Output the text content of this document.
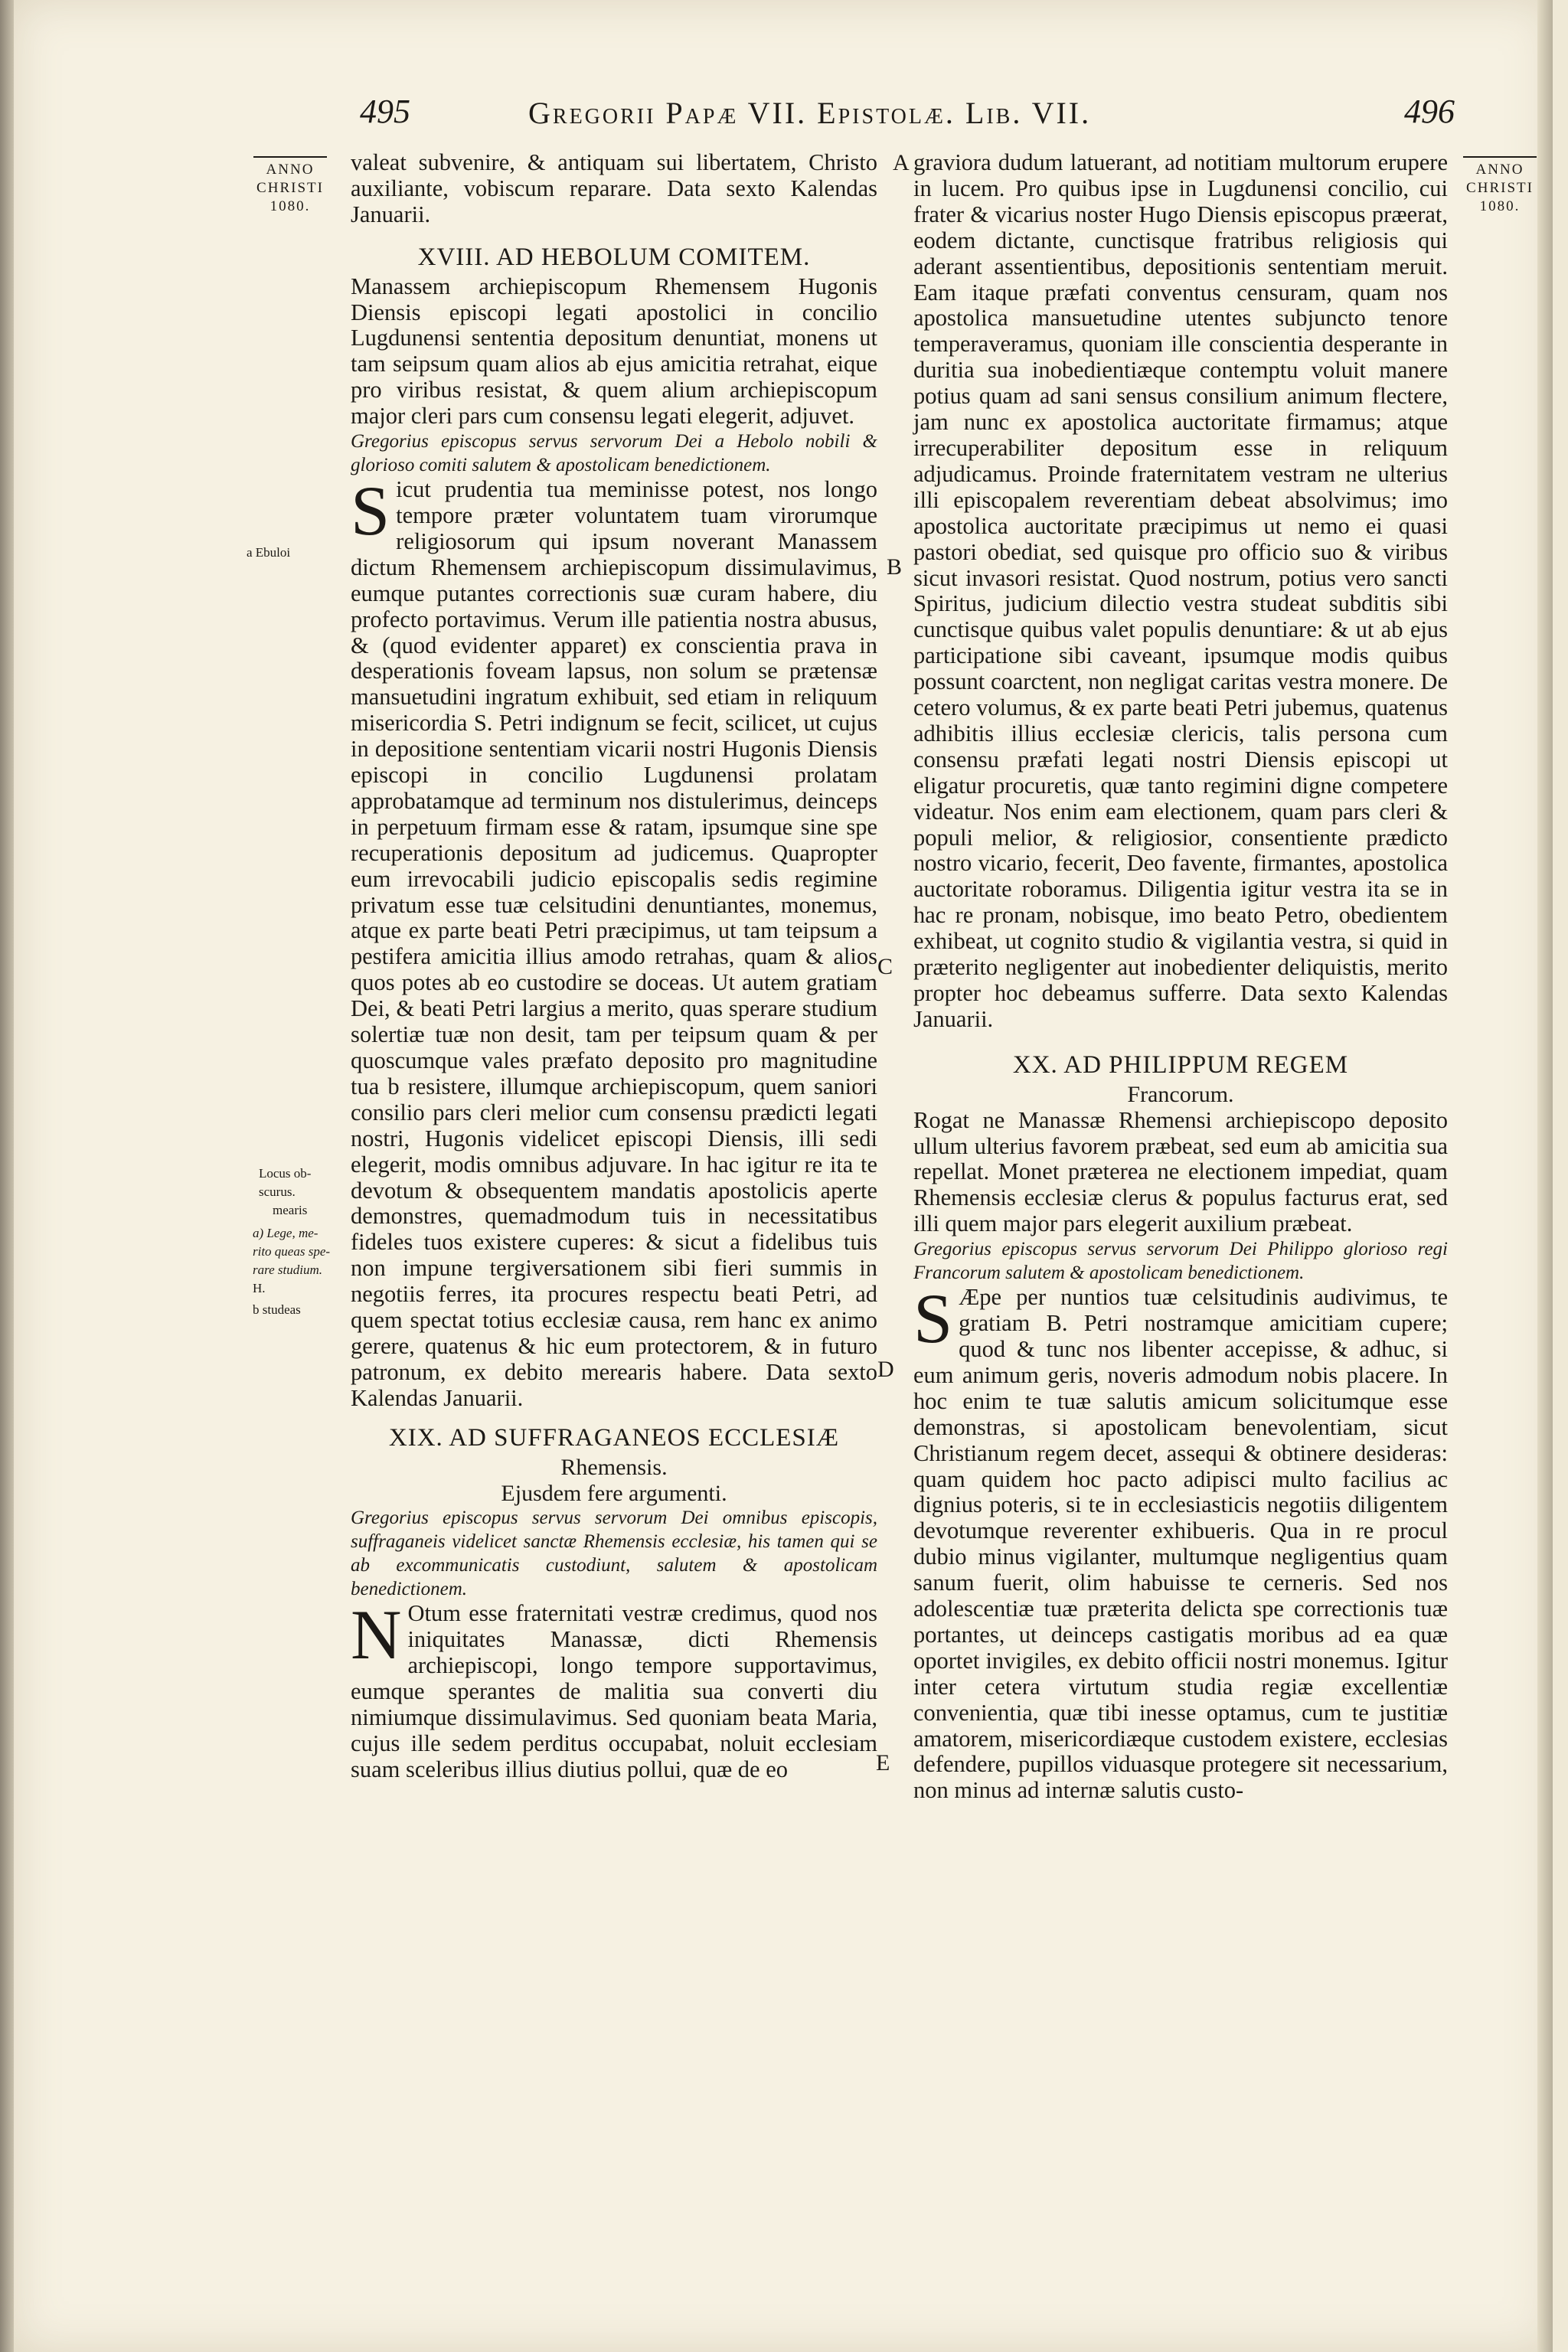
495	Gregorii Papæ VII. Epistolæ. Lib. VII.	496
ANNO
CHRISTI
1080.
ANNO
CHRISTI
1080.
a Ebuloi
Locus ob-
scurus.
mearis
a) Lege, me-
rito queas spe-
rare studium.
H.
b studeas
A
B
C
D
E

valeat subvenire, & antiquam sui libertatem, Christo auxiliante, vobiscum reparare. Data sexto Kalendas Januarii.

XVIII. AD HEBOLUM COMITEM.

Manassem archiepiscopum Rhemensem Hugonis Diensis episcopi legati apostolici in concilio Lugdunensi sententia depositum denuntiat, monens ut tam seipsum quam alios ab ejus amicitia retrahat, eique pro viribus resistat, & quem alium archiepiscopum major cleri pars cum consensu legati elegerit, adjuvet.

Gregorius episcopus servus servorum Dei a Hebolo nobili & glorioso comiti salutem & apostolicam benedictionem.

S icut prudentia tua meminisse potest, nos longo tempore præter voluntatem tuam virorumque religiosorum qui ipsum noverant Manassem dictum Rhemensem archiepiscopum dissimulavimus, eumque putantes correctionis suæ curam habere, diu profecto portavimus. Verum ille patientia nostra abusus, & (quod evidenter apparet) ex conscientia prava in desperationis foveam lapsus, non solum se prætensæ mansuetudini ingratum exhibuit, sed etiam in reliquum misericordia S. Petri indignum se fecit, scilicet, ut cujus in depositione sententiam vicarii nostri Hugonis Diensis episcopi in concilio Lugdunensi prolatam approbatamque ad terminum nos distulerimus, deinceps in perpetuum firmam esse & ratam, ipsumque sine spe recuperationis depositum ad judicemus. Quapropter eum irrevocabili judicio episcopalis sedis regimine privatum esse tuæ celsitudini denuntiantes, monemus, atque ex parte beati Petri præcipimus, ut tam teipsum a pestifera amicitia illius amodo retrahas, quam & alios quos potes ab eo custodire se doceas. Ut autem gratiam Dei, & beati Petri largius a merito, quas sperare studium solertiæ tuæ non desit, tam per teipsum quam & per quoscumque vales præfato deposito pro magnitudine tua b resistere, illumque archiepiscopum, quem saniori consilio pars cleri melior cum consensu prædicti legati nostri, Hugonis videlicet episcopi Diensis, illi sedi elegerit, modis omnibus adjuvare. In hac igitur re ita te devotum & obsequentem mandatis apostolicis aperte demonstres, quemadmodum tuis in necessitatibus fideles tuos existere cuperes: & sicut a fidelibus tuis non impune tergiversationem sibi fieri summis in negotiis ferres, ita procures respectu beati Petri, ad quem spectat totius ecclesiæ causa, rem hanc ex animo gerere, quatenus & hic eum protectorem, & in futuro patronum, ex debito merearis habere. Data sexto Kalendas Januarii.

XIX. AD SUFFRAGANEOS ECCLESIÆ
Rhemensis.
Ejusdem fere argumenti.

Gregorius episcopus servus servorum Dei omnibus episcopis, suffraganeis videlicet sanctæ Rhemensis ecclesiæ, his tamen qui se ab excommunicatis custodiunt, salutem & apostolicam benedictionem.

N Otum esse fraternitati vestræ credimus, quod nos iniquitates Manassæ, dicti Rhemensis archiepiscopi, longo tempore supportavimus, eumque sperantes de malitia sua converti diu nimiumque dissimulavimus. Sed quoniam beata Maria, cujus ille sedem perditus occupabat, noluit ecclesiam suam sceleribus illius diutius pollui, quæ de eo

graviora dudum latuerant, ad notitiam multorum erupere in lucem. Pro quibus ipse in Lugdunensi concilio, cui frater & vicarius noster Hugo Diensis episcopus præerat, eodem dictante, cunctisque fratribus religiosis qui aderant assentientibus, depositionis sententiam meruit. Eam itaque præfati conventus censuram, quam nos apostolica mansuetudine utentes subjuncto tenore temperaveramus, quoniam ille conscientia desperante in duritia sua inobedientiæque contemptu voluit manere potius quam ad sani sensus consilium animum flectere, jam nunc ex apostolica auctoritate firmamus; atque irrecuperabiliter depositum esse in reliquum adjudicamus. Proinde fraternitatem vestram ne ulterius illi episcopalem reverentiam debeat absolvimus; imo apostolica auctoritate præcipimus ut nemo ei quasi pastori obediat, sed quisque pro officio suo & viribus sicut invasori resistat. Quod nostrum, potius vero sancti Spiritus, judicium dilectio vestra studeat subditis sibi cunctisque quibus valet populis denuntiare: & ut ab ejus participatione sibi caveant, ipsumque modis quibus possunt coarctent, non negligat caritas vestra monere. De cetero volumus, & ex parte beati Petri jubemus, quatenus adhibitis illius ecclesiæ clericis, talis persona cum consensu præfati legati nostri Diensis episcopi ut eligatur procuretis, quæ tanto regimini digne competere videatur. Nos enim eam electionem, quam pars cleri & populi melior, & religiosior, consentiente prædicto nostro vicario, fecerit, Deo favente, firmantes, apostolica auctoritate roboramus. Diligentia igitur vestra ita se in hac re pronam, nobisque, imo beato Petro, obedientem exhibeat, ut cognito studio & vigilantia vestra, si quid in præterito negligenter aut inobedienter deliquistis, merito propter hoc debeamus sufferre. Data sexto Kalendas Januarii.

XX. AD PHILIPPUM REGEM
Francorum.

Rogat ne Manassæ Rhemensi archiepiscopo deposito ullum ulterius favorem præbeat, sed eum ab amicitia sua repellat. Monet præterea ne electionem impediat, quam Rhemensis ecclesiæ clerus & populus facturus erat, sed illi quem major pars elegerit auxilium præbeat.

Gregorius episcopus servus servorum Dei Philippo glorioso regi Francorum salutem & apostolicam benedictionem.

S Æpe per nuntios tuæ celsitudinis audivimus, te gratiam B. Petri nostramque amicitiam cupere; quod & tunc nos libenter accepisse, & adhuc, si eum animum geris, noveris admodum nobis placere. In hoc enim te tuæ salutis amicum solicitumque esse demonstras, si apostolicam benevolentiam, sicut Christianum regem decet, assequi & obtinere desideras: quam quidem hoc pacto adipisci multo facilius ac dignius poteris, si te in ecclesiasticis negotiis diligentem devotumque reverenter exhibueris. Qua in re procul dubio minus vigilanter, multumque negligentius quam sanum fuerit, olim habuisse te cerneris. Sed nos adolescentiæ tuæ præterita delicta spe correctionis tuæ portantes, ut deinceps castigatis moribus ad ea quæ oportet invigiles, ex debito officii nostri monemus. Igitur inter cetera virtutum studia regiæ excellentiæ convenientia, quæ tibi inesse optamus, cum te justitiæ amatorem, misericordiæque custodem existere, ecclesias defendere, pupillos viduasque protegere sit necessarium, non minus ad internæ salutis custo-
